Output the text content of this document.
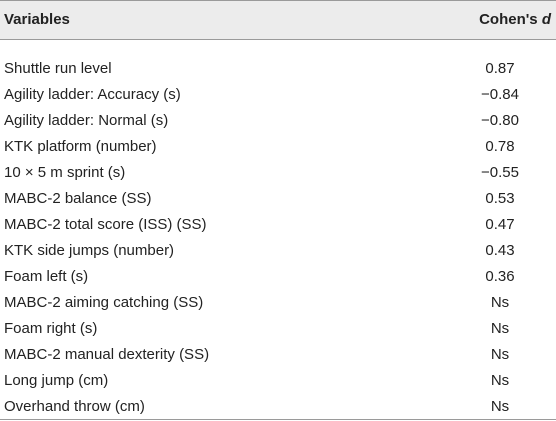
Variables	Cohen's d
Shuttle run level	0.87
Agility ladder: Accuracy (s)	−0.84
Agility ladder: Normal (s)	−0.80
KTK platform (number)	0.78
10 × 5 m sprint (s)	−0.55
MABC-2 balance (SS)	0.53
MABC-2 total score (ISS) (SS)	0.47
KTK side jumps (number)	0.43
Foam left (s)	0.36
MABC-2 aiming catching (SS)	Ns
Foam right (s)	Ns
MABC-2 manual dexterity (SS)	Ns
Long jump (cm)	Ns
Overhand throw (cm)	Ns
